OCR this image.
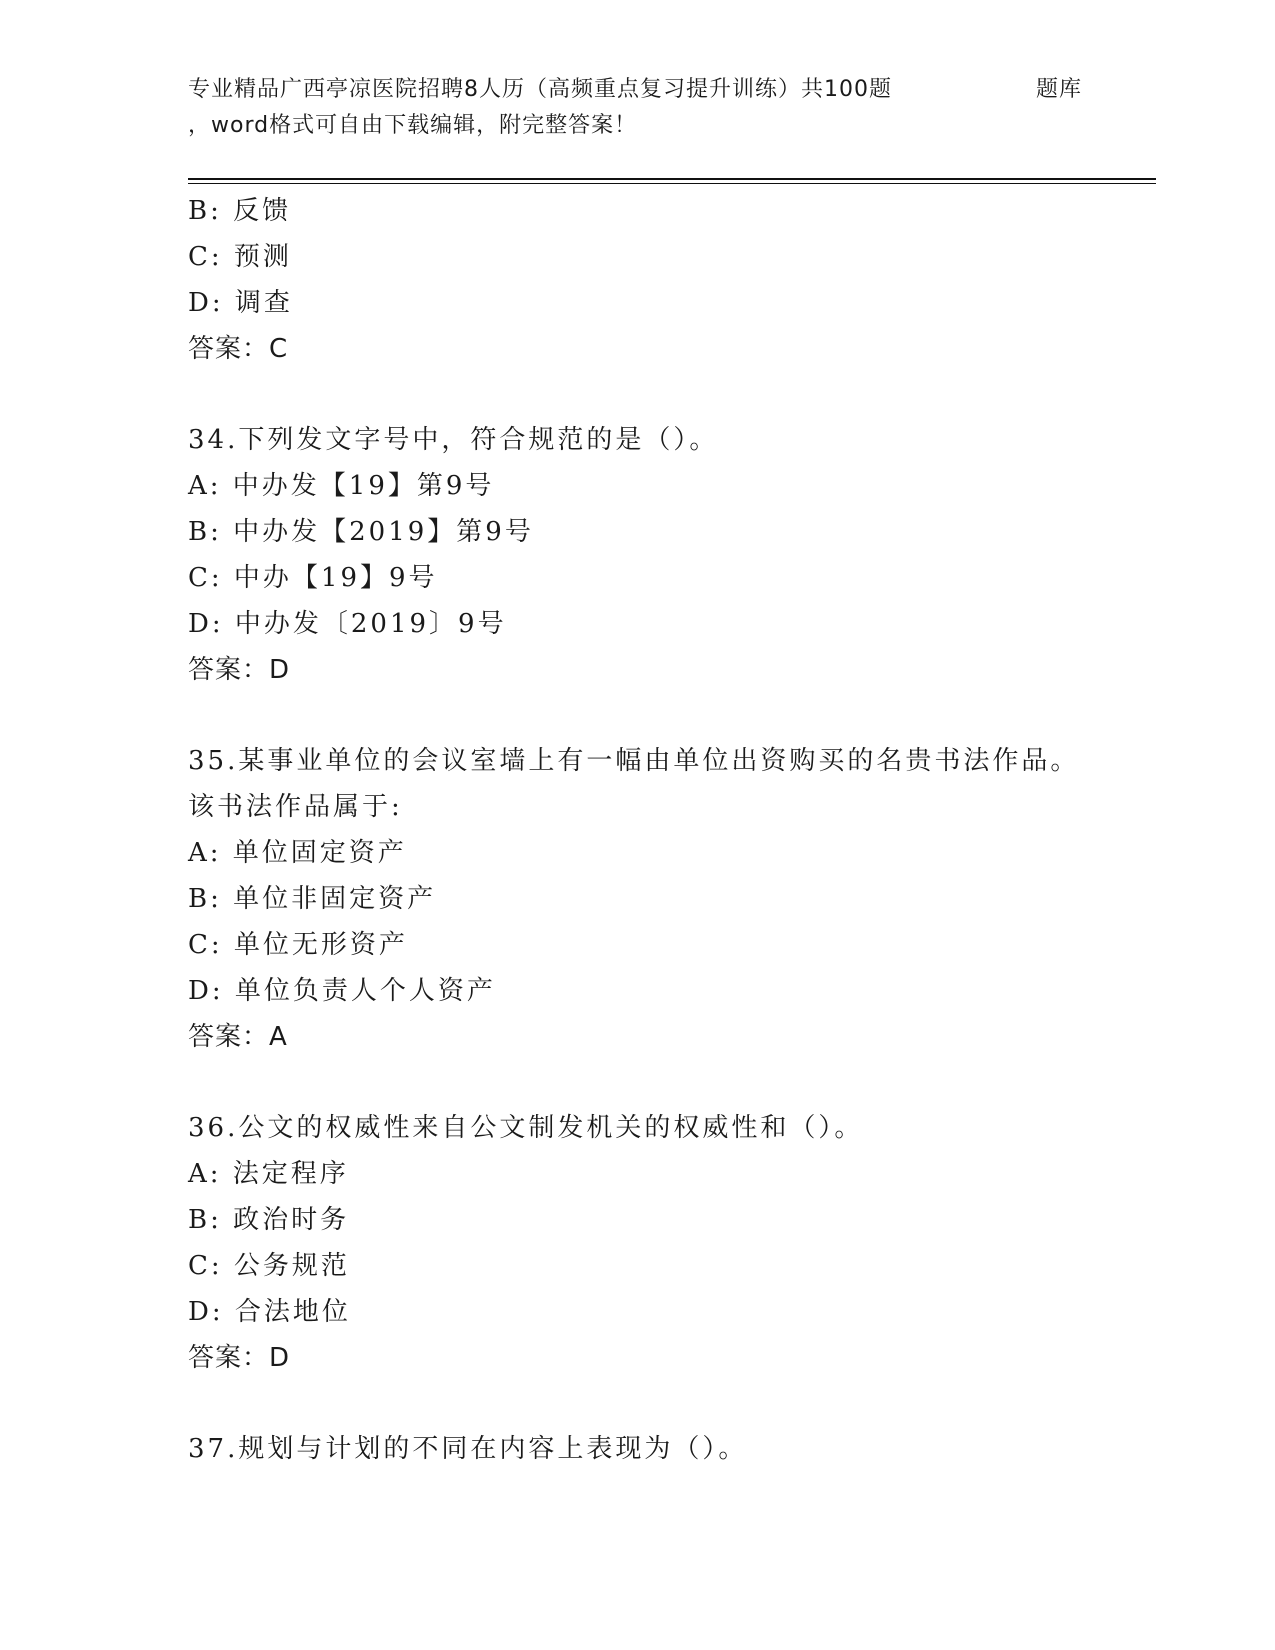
专业精品广西亭凉医院招聘8人历（高频重点复习提升训练）共100题	题库
，word格式可自由下载编辑，附完整答案！
B: 反馈
C: 预测
D: 调查
答案：C
34.下列发文字号中，符合规范的是（）。
A: 中办发【19】第9号
B: 中办发【2019】第9号
C: 中办【19】9号
D: 中办发〔2019〕9号
答案：D
35.某事业单位的会议室墙上有一幅由单位出资购买的名贵书法作品。
该书法作品属于:
A: 单位固定资产
B: 单位非固定资产
C: 单位无形资产
D: 单位负责人个人资产
答案：A
36.公文的权威性来自公文制发机关的权威性和（）。
A: 法定程序
B: 政治时务
C: 公务规范
D: 合法地位
答案：D
37.规划与计划的不同在内容上表现为（）。
